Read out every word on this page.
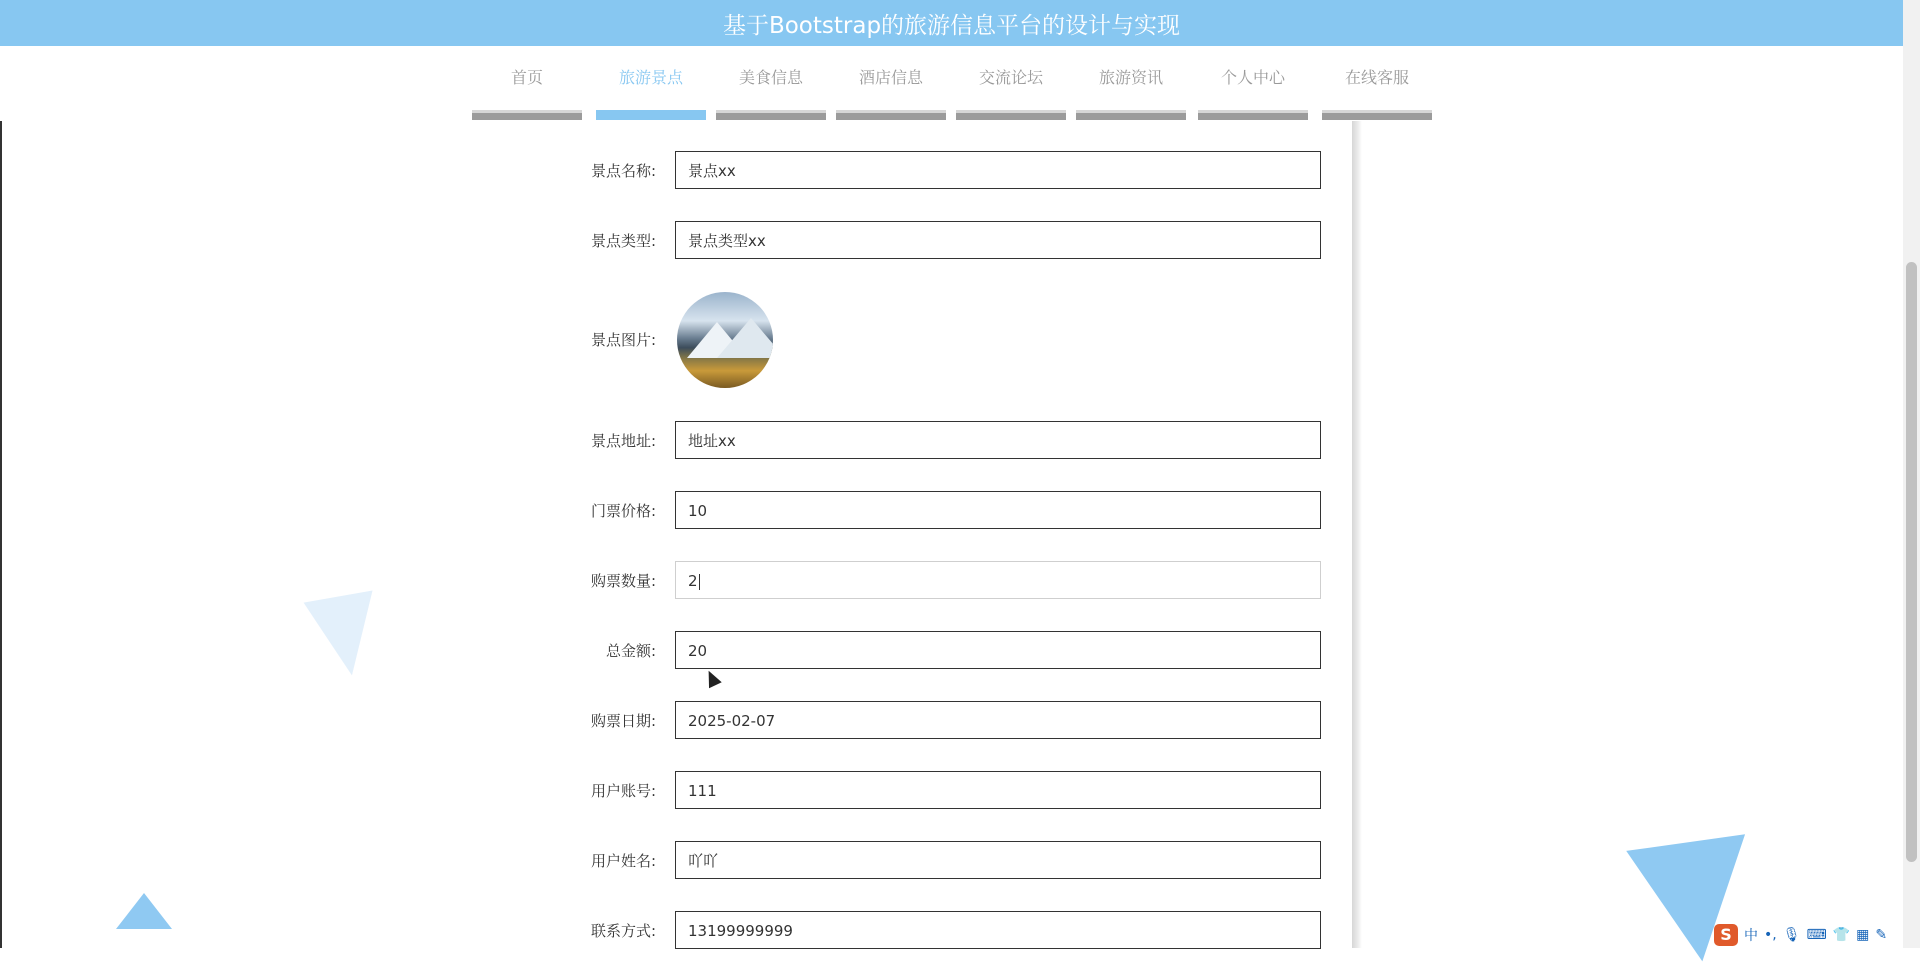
基于Bootstrap的旅游信息平台的设计与实现
首页	旅游景点	美食信息	酒店信息	交流论坛	旅游资讯	个人中心	在线客服
景点名称:	景点xx
景点类型:	景点类型xx
景点图片:
景点地址:	地址xx
门票价格:	10
购票数量:	2
总金额:	20
购票日期:	2025-02-07
用户账号:	111
用户姓名:	吖吖
联系方式:	13199999999	S 中 •, 🎙 ⌨ 👕 ▦ ✎
